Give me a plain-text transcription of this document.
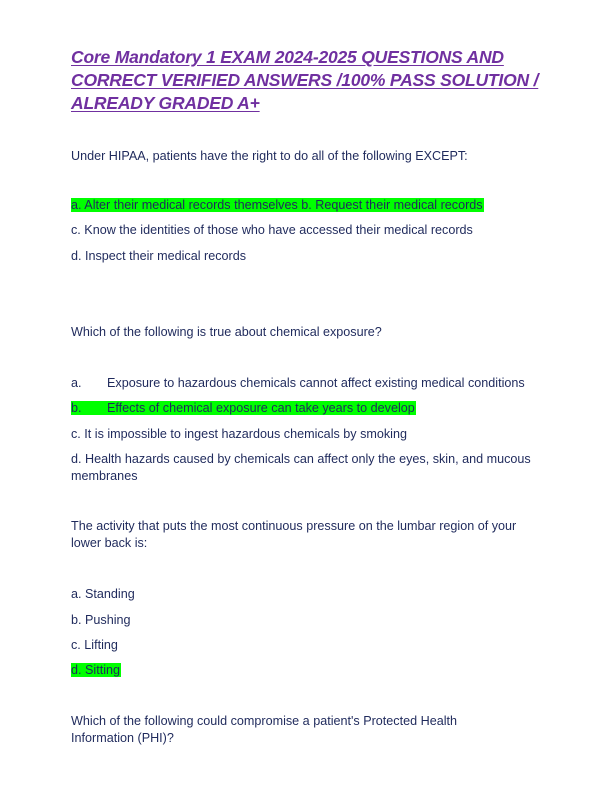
Core Mandatory 1 EXAM 2024-2025 QUESTIONS AND CORRECT VERIFIED ANSWERS /100% PASS SOLUTION / ALREADY GRADED A+
Under HIPAA, patients have the right to do all of the following EXCEPT:
a. Alter their medical records themselves b. Request their medical records
c. Know the identities of those who have accessed their medical records
d. Inspect their medical records
Which of the following is true about chemical exposure?
a. Exposure to hazardous chemicals cannot affect existing medical conditions
b. Effects of chemical exposure can take years to develop
c. It is impossible to ingest hazardous chemicals by smoking
d. Health hazards caused by chemicals can affect only the eyes, skin, and mucous membranes
The activity that puts the most continuous pressure on the lumbar region of your lower back is:
a. Standing
b. Pushing
c. Lifting
d. Sitting
Which of the following could compromise a patient's Protected Health Information (PHI)?
